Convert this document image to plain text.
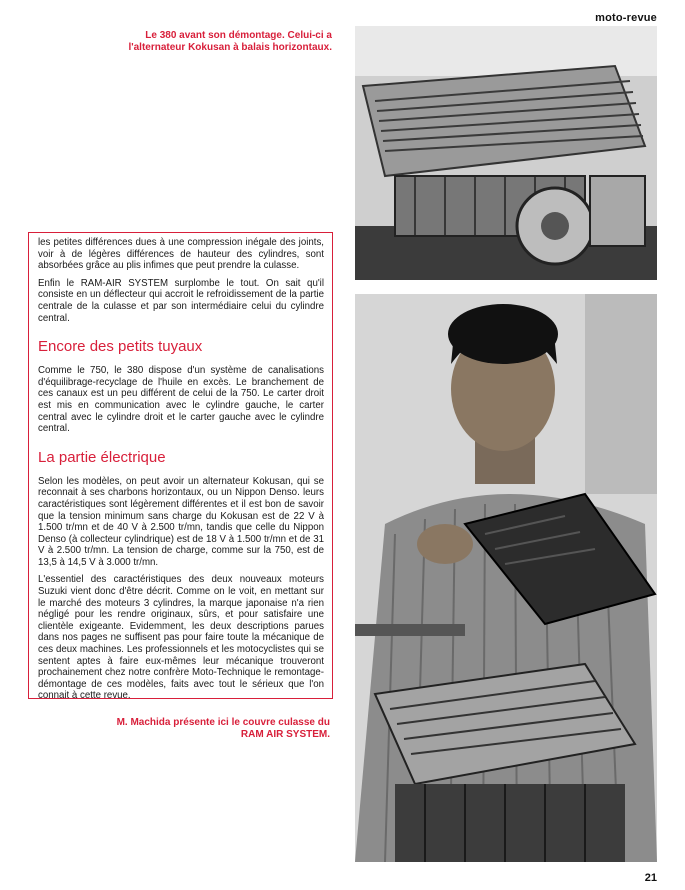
moto-revue
Le 380 avant son démontage. Celui-ci a l'alternateur Kokusan à balais horizontaux.

les petites différences dues à une compression inégale des joints, voir à de légères différences de hauteur des cylindres, sont absorbées grâce au plis infimes que peut prendre la culasse.

Enfin le RAM-AIR SYSTEM surplombe le tout. On sait qu'il consiste en un déflecteur qui accroit le refroidissement de la partie centrale de la culasse et par son intermédiaire celui du cylindre central.

Encore des petits tuyaux

Comme le 750, le 380 dispose d'un système de canalisations d'équilibrage-recyclage de l'huile en excès. Le branchement de ces canaux est un peu différent de celui de la 750. Le carter droit est mis en communication avec le cylindre gauche, le carter central avec le cylindre droit et le carter gauche avec le cylindre central.

La partie électrique

Selon les modèles, on peut avoir un alternateur Kokusan, qui se reconnait à ses charbons horizontaux, ou un Nippon Denso. leurs caractéristiques sont légèrement différentes et il est bon de savoir que la tension minimum sans charge du Kokusan est de 22 V à 1.500 tr/mn et de 40 V à 2.500 tr/mn, tandis que celle du Nippon Denso (à collecteur cylindrique) est de 18 V à 1.500 tr/mn et de 31 V à 2.500 tr/mn. La tension de charge, comme sur la 750, est de 13,5 à 14,5 V à 3.000 tr/mn.

L'essentiel des caractéristiques des deux nouveaux moteurs Suzuki vient donc d'être décrit. Comme on le voit, en mettant sur le marché des moteurs 3 cylindres, la marque japonaise n'a rien négligé pour les rendre originaux, sûrs, et pour satisfaire une clientèle exigeante. Evidemment, les deux descriptions parues dans nos pages ne suffisent pas pour faire toute la mécanique de ces deux machines. Les professionnels et les motocyclistes qui se sentent aptes à faire eux-mêmes leur mécanique trouveront prochainement chez notre confrère Moto-Technique le remontage-démontage de ces modèles, faits avec tout le sérieux que l'on connait à cette revue.

M. Machida présente ici le couvre culasse du RAM AIR SYSTEM.
21
